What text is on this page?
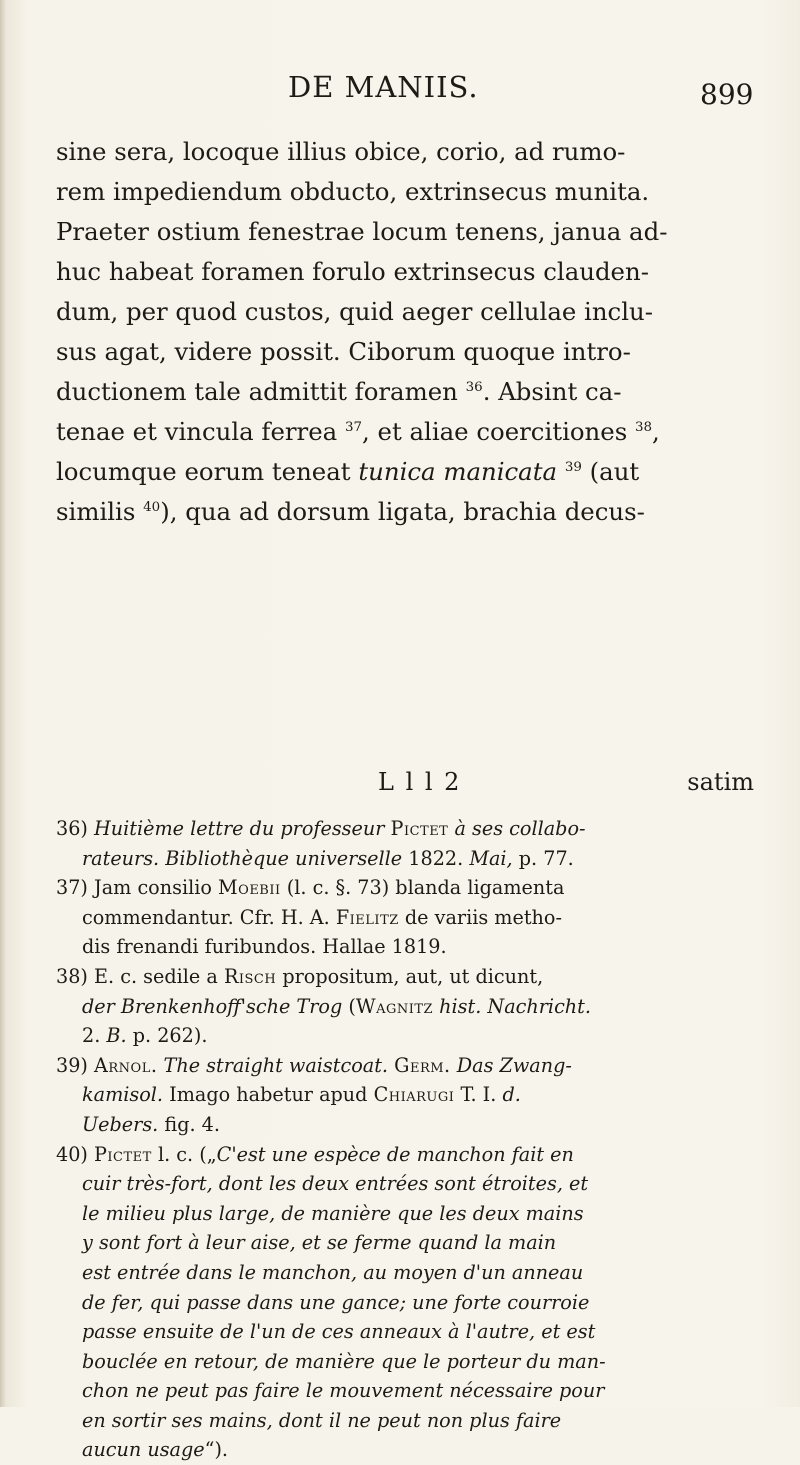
DE MANIIS.	899
sine sera, locoque illius obice, corio, ad rumo-
rem impediendum obducto, extrinsecus munita.
Praeter ostium fenestrae locum tenens, janua ad-
huc habeat foramen forulo extrinsecus clauden-
dum, per quod custos, quid aeger cellulae inclu-
sus agat, videre possit. Ciborum quoque intro-
ductionem tale admittit foramen $^{36}$. Absint ca-
tenae et vincula ferrea $^{37}$, et aliae coercitiones $^{38}$,
locumque eorum teneat tunica manicata $^{39}$ (aut
similis $^{40}$), qua ad dorsum ligata, brachia decus-
L l l 2	satim
36) Huitième lettre du professeur Pictet à ses collabo-
rateurs. Bibliothèque universelle 1822. Mai, p. 77.
37) Jam consilio Moebii (l. c. §. 73) blanda ligamenta
commendantur. Cfr. H. A. Fielitz de variis metho-
dis frenandi furibundos. Hallae 1819.
38) E. c. sedile a Risch propositum, aut, ut dicunt,
der Brenkenhoff'sche Trog (Wagnitz hist. Nachricht.
2. B. p. 262).
39) Arnol. The straight waistcoat. Germ. Das Zwang-
kamisol. Imago habetur apud Chiarugi T. I. d.
Uebers. fig. 4.
40) Pictet l. c. („C'est une espèce de manchon fait en
cuir très-fort, dont les deux entrées sont étroites, et
le milieu plus large, de manière que les deux mains
y sont fort à leur aise, et se ferme quand la main
est entrée dans le manchon, au moyen d'un anneau
de fer, qui passe dans une gance; une forte courroie
passe ensuite de l'un de ces anneaux à l'autre, et est
bouclée en retour, de manière que le porteur du man-
chon ne peut pas faire le mouvement nécessaire pour
en sortir ses mains, dont il ne peut non plus faire
aucun usage“).
